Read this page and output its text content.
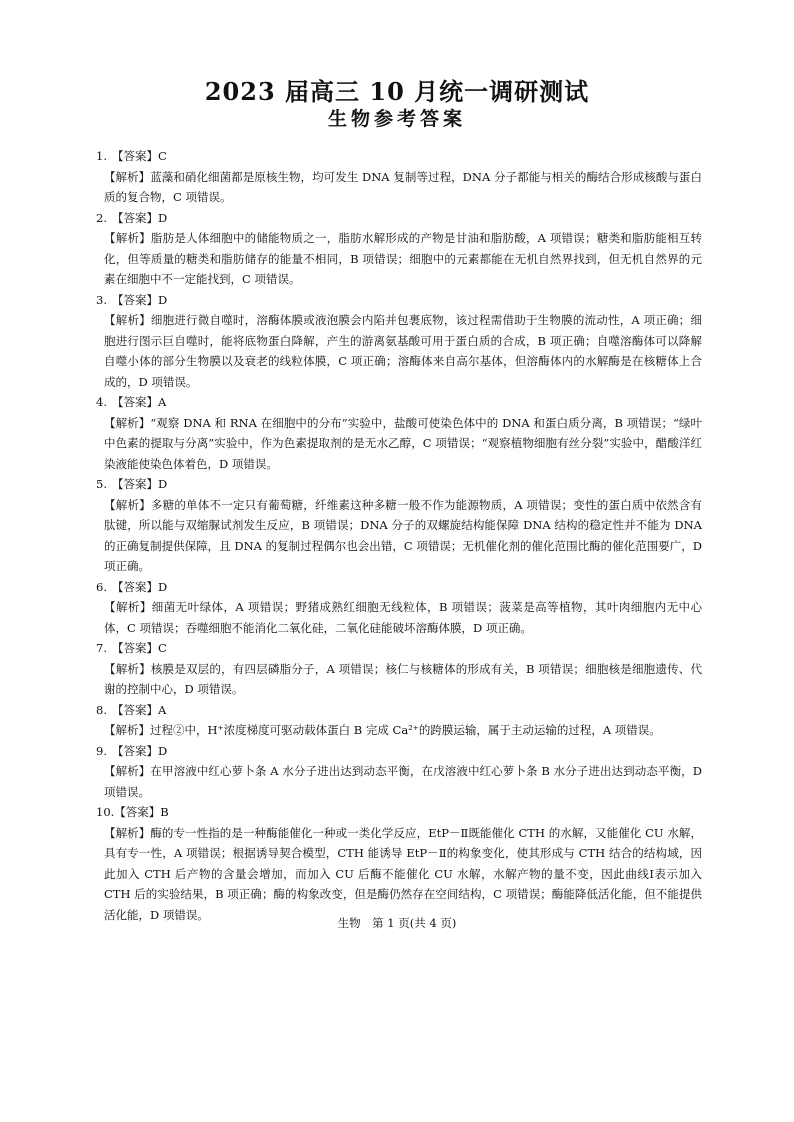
2023 届高三 10 月统一调研测试
生物参考答案

1. 【答案】C

【解析】蓝藻和硝化细菌都是原核生物，均可发生 DNA 复制等过程，DNA 分子都能与相关的酶结合形成核酸与蛋白质的复合物，C 项错误。

2. 【答案】D

【解析】脂肪是人体细胞中的储能物质之一，脂肪水解形成的产物是甘油和脂肪酸，A 项错误；糖类和脂肪能相互转化，但等质量的糖类和脂肪储存的能量不相同，B 项错误；细胞中的元素都能在无机自然界找到，但无机自然界的元素在细胞中不一定能找到，C 项错误。

3. 【答案】D

【解析】细胞进行微自噬时，溶酶体膜或液泡膜会内陷并包裹底物，该过程需借助于生物膜的流动性，A 项正确；细胞进行图示巨自噬时，能将底物蛋白降解，产生的游离氨基酸可用于蛋白质的合成，B 项正确；自噬溶酶体可以降解自噬小体的部分生物膜以及衰老的线粒体膜，C 项正确；溶酶体来自高尔基体，但溶酶体内的水解酶是在核糖体上合成的，D 项错误。

4. 【答案】A

【解析】“观察 DNA 和 RNA 在细胞中的分布”实验中，盐酸可使染色体中的 DNA 和蛋白质分离，B 项错误；“绿叶中色素的提取与分离”实验中，作为色素提取剂的是无水乙醇，C 项错误；“观察植物细胞有丝分裂”实验中，醋酸洋红染液能使染色体着色，D 项错误。

5. 【答案】D

【解析】多糖的单体不一定只有葡萄糖，纤维素这种多糖一般不作为能源物质，A 项错误；变性的蛋白质中依然含有肽键，所以能与双缩脲试剂发生反应，B 项错误；DNA 分子的双螺旋结构能保障 DNA 结构的稳定性并不能为 DNA 的正确复制提供保障，且 DNA 的复制过程偶尔也会出错，C 项错误；无机催化剂的催化范围比酶的催化范围要广，D 项正确。

6. 【答案】D

【解析】细菌无叶绿体，A 项错误；野猪成熟红细胞无线粒体，B 项错误；菠菜是高等植物，其叶肉细胞内无中心体，C 项错误；吞噬细胞不能消化二氧化硅，二氧化硅能破坏溶酶体膜，D 项正确。

7. 【答案】C

【解析】核膜是双层的，有四层磷脂分子，A 项错误；核仁与核糖体的形成有关，B 项错误；细胞核是细胞遗传、代谢的控制中心，D 项错误。

8. 【答案】A

【解析】过程②中，H⁺浓度梯度可驱动载体蛋白 B 完成 Ca²⁺的跨膜运输，属于主动运输的过程，A 项错误。

9. 【答案】D

【解析】在甲溶液中红心萝卜条 A 水分子进出达到动态平衡，在戊溶液中红心萝卜条 B 水分子进出达到动态平衡，D 项错误。

10.【答案】B

【解析】酶的专一性指的是一种酶能催化一种或一类化学反应，EtP－Ⅱ既能催化 CTH 的水解，又能催化 CU 水解，具有专一性，A 项错误；根据诱导契合模型，CTH 能诱导 EtP－Ⅱ的构象变化，使其形成与 CTH 结合的结构域，因此加入 CTH 后产物的含量会增加，而加入 CU 后酶不能催化 CU 水解，水解产物的量不变，因此曲线Ⅰ表示加入 CTH 后的实验结果，B 项正确；酶的构象改变，但是酶仍然存在空间结构，C 项错误；酶能降低活化能，但不能提供活化能，D 项错误。

生物　第 1 页(共 4 页)
